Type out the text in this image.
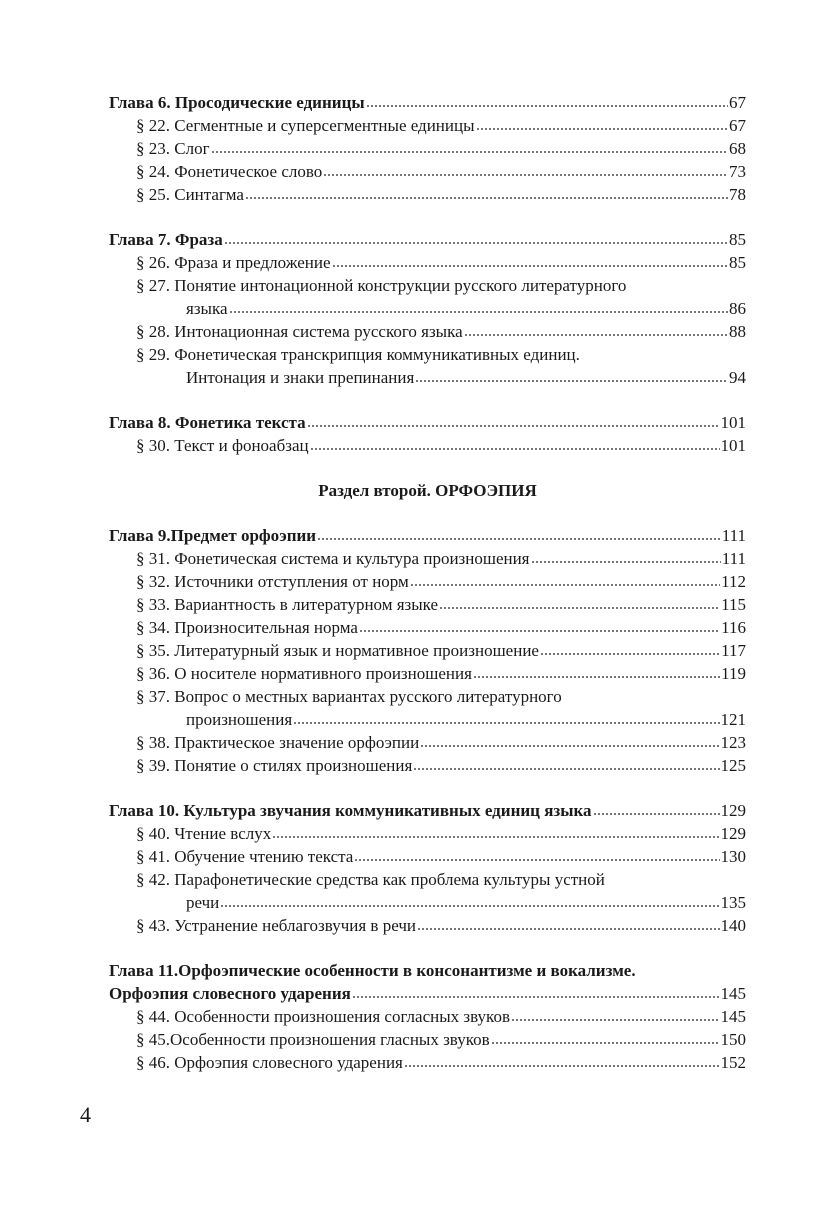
Глава 6. Просодические единицы	67
§ 22. Сегментные и суперсегментные единицы	67
§ 23. Слог	68
§ 24. Фонетическое слово	73
§ 25. Синтагма	78
Глава 7. Фраза	85
§ 26. Фраза и предложение	85
§ 27. Понятие интонационной конструкции русского литературного
языка	86
§ 28. Интонационная система русского языка	88
§ 29. Фонетическая транскрипция коммуникативных единиц.
Интонация и знаки препинания	94
Глава 8. Фонетика текста	101
§ 30. Текст и фоноабзац	101
Раздел второй. ОРФОЭПИЯ
Глава 9.Предмет орфоэпии	111
§ 31. Фонетическая система и культура произношения	111
§ 32. Источники отступления от норм	112
§ 33. Вариантность в литературном языке	115
§ 34. Произносительная норма	116
§ 35. Литературный язык и нормативное произношение	117
§ 36. О носителе нормативного произношения	119
§ 37. Вопрос о местных вариантах русского литературного
произношения	121
§ 38. Практическое значение орфоэпии	123
§ 39. Понятие о стилях произношения	125
Глава 10. Культура звучания коммуникативных единиц языка	129
§ 40. Чтение вслух	129
§ 41. Обучение чтению текста	130
§ 42. Парафонетические средства как проблема культуры устной
речи	135
§ 43. Устранение неблагозвучия в речи	140
Глава 11.Орфоэпические особенности в консонантизме и вокализме.
Орфоэпия словесного ударения	145
§ 44. Особенности произношения согласных звуков	145
§ 45.Особенности произношения гласных звуков	150
§ 46. Орфоэпия словесного ударения	152
4
